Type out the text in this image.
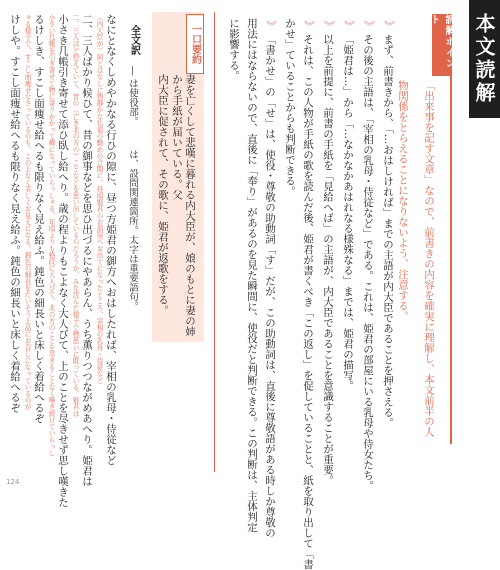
本文読解
読解ポイント
「出来事を記す文章」なので、前書きの内容を確実に理解し、本文前半の人物関係をとらえることになりないよう、注意する。
︾
まず、前書きから、「…おはしければ」までの主語が内大臣であることを押さえる。
︾
その後の主語は、「宰相の乳母・侍従など」である。これは、姫君の部屋にいる乳母や侍女たち。
︾
「姫君は…」から「…なかなかあはれなる様殊なる」までは、姫君の描写。
︾
以上を前提に、前書の手紙を「見給へば」の主語が、内大臣であることを意識することが重要。
︾
それは、この人物が手紙の歌を読んだ後、姫君が書くべき「この返し」を促していることと、紙を取り出して「書
かせ」ていることからも判断できる。
︾
「書かせ」の「せ」は、使役・尊敬の助動詞「す」だが、この助動詞は、直後に尊敬語がある時しか尊敬の
用法にはならないので、直後に「奉り」があるのを見た瞬間に、使役だと判断できる。この判断は、主体判定
に影響する。
一口要約
妻を亡くして悲嘆に暮れる内大臣が、娘のもとに妻の姉から手紙が届いている。父
内大臣に促されて、その歌に、姫君が返歌をする。
全文訳
― は使役部。　　　は、設問関連箇所。太字は重要語句。
なにとなくしめやかなる行ひの隙に、昼つ方姫君の御方へおはしたれば、宰相の乳母・侍従など
（内大臣が）何とはなしに物静かな仏道の勤めの合間に、昼頃姫君のお部屋へお出でになったところ、宰相の乳母・侍従など
二、三人ばかり候ひて、昔の御事などを思ひ出づるにやあらん、うち薫りつつながめあへり。姫君は
二、三人ほど控えていて、昔の（亡き北の方の）ことなどを思い出しているのだろうか、みな沈んだ様子で物思いに耽っている。姫君は
小さき几帳引き寄せて添ひ臥し給へり。歳の程よりもこよなく大人びて、上のことを尽きせず思し嘆きた
小さい几帳を引き寄せて物に寄りかかって横になっていらっしゃる。年頃よりも格段に大人びて、北の方のことを尽きることなく嘆き続けていらっし
るけしき、すこし面痩せ給へるも限りなく見え給ふ。鈍色の細長いと床しく着給へるぞ
ゃる様子で、すこし面痩せなさっているのも、この上なく美しくお見えになる。鈍色の細長をたいそう上品にお召しになっているのが
けしや。すこし面痩せ給へるも限りなく見え給ふ。鈍色の細長いと床しく着給へるぞ
124
